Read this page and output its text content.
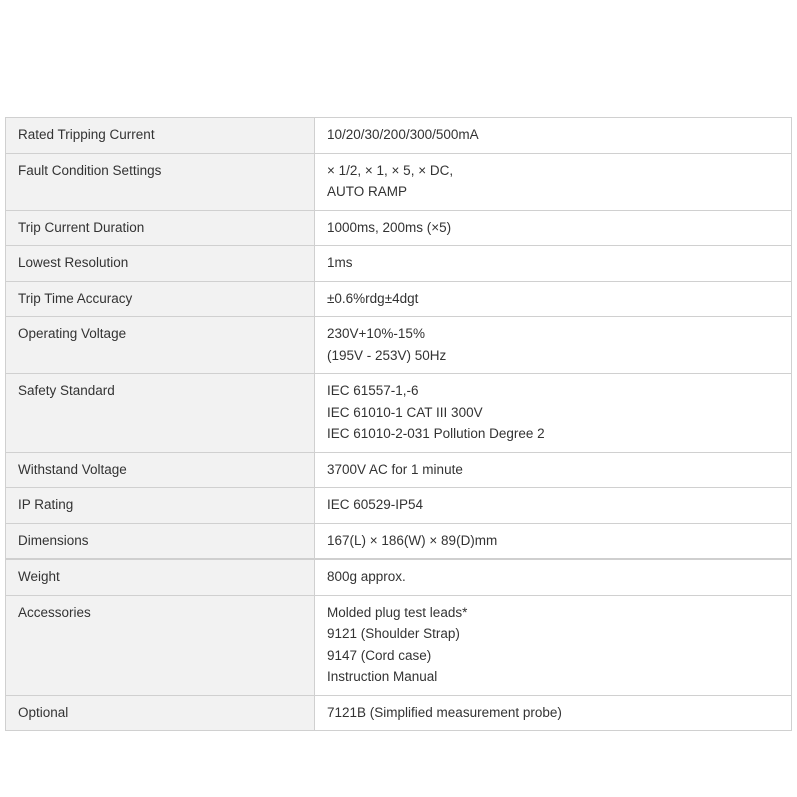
Rated Tripping Current	10/20/30/200/300/500mA

Fault Condition Settings	× 1/2, × 1, × 5, × DC,
AUTO RAMP

Trip Current Duration	1000ms, 200ms (×5)

Lowest Resolution	1ms

Trip Time Accuracy	±0.6%rdg±4dgt

Operating Voltage	230V+10%-15%
(195V - 253V) 50Hz

Safety Standard	IEC 61557-1,-6
IEC 61010-1 CAT III 300V
IEC 61010-2-031 Pollution Degree 2

Withstand Voltage	3700V AC for 1 minute

IP Rating	IEC 60529-IP54

Dimensions	167(L) × 186(W) × 89(D)mm

Weight	800g approx.

Accessories	Molded plug test leads*
9121 (Shoulder Strap)
9147 (Cord case)
Instruction Manual

Optional	7121B (Simplified measurement probe)
